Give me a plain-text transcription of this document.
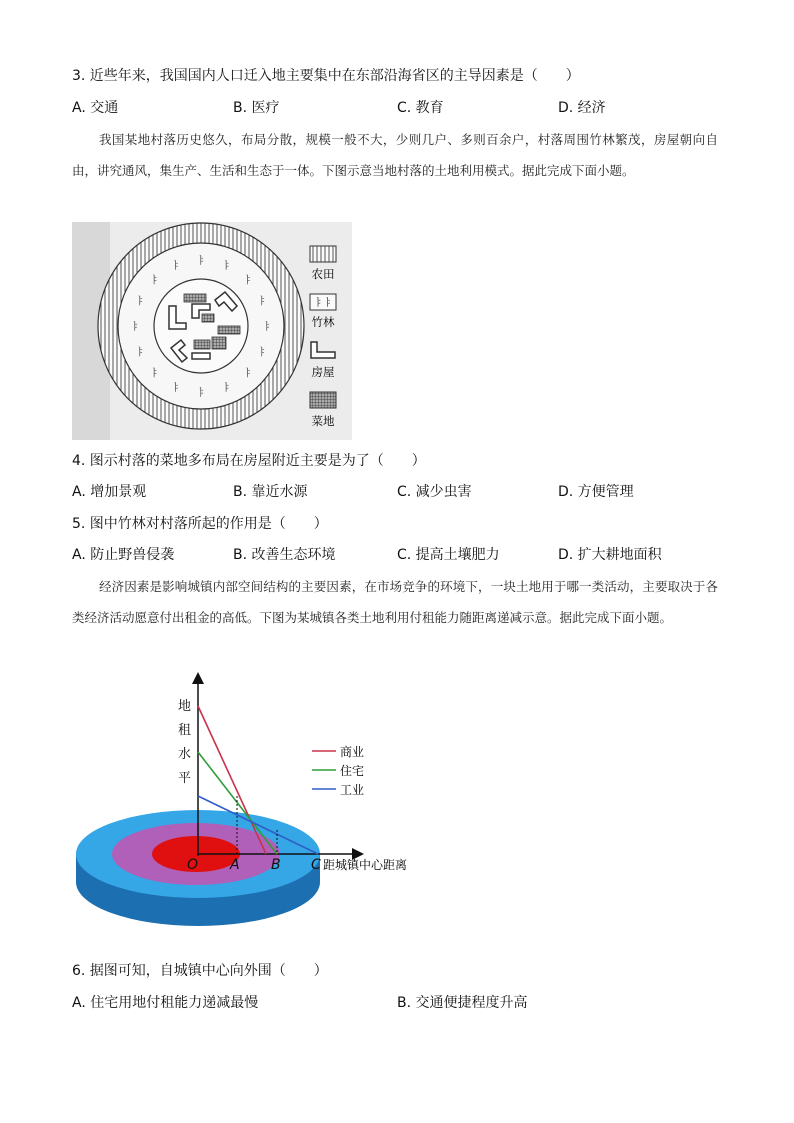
3. 近些年来，我国国内人口迁入地主要集中在东部沿海省区的主导因素是（　　）
A. 交通	B. 医疗	C. 教育	D. 经济
我国某地村落历史悠久，布局分散，规模一般不大，少则几户、多则百余户，村落周围竹林繁茂，房屋朝向自由，讲究通风，集生产、生活和生态于一体。下图示意当地村落的土地利用模式。据此完成下面小题。
ㅑ
ㅑ
ㅑ
ㅑ
ㅑ
ㅑ
ㅑ
ㅑ
ㅑ
ㅑ
ㅑ
ㅑ ㅑ ㅑ
ㅑ
ㅑ
农田
ㅑㅑ
竹林
房屋
菜地
4. 图示村落的菜地多布局在房屋附近主要是为了（　　）
A. 增加景观	B. 靠近水源	C. 减少虫害	D. 方便管理
5. 图中竹林对村落所起的作用是（　　）
A. 防止野兽侵袭	B. 改善生态环境	C. 提高土壤肥力	D. 扩大耕地面积
经济因素是影响城镇内部空间结构的主要因素，在市场竞争的环境下，一块土地用于哪一类活动，主要取决于各类经济活动愿意付出租金的高低。下图为某城镇各类土地利用付租能力随距离递减示意。据此完成下面小题。
O A B C 距城镇中心距离
地
租
水
平
商业
住宅
工业
6. 据图可知，自城镇中心向外围（　　）
A. 住宅用地付租能力递减最慢	B. 交通便捷程度升高
